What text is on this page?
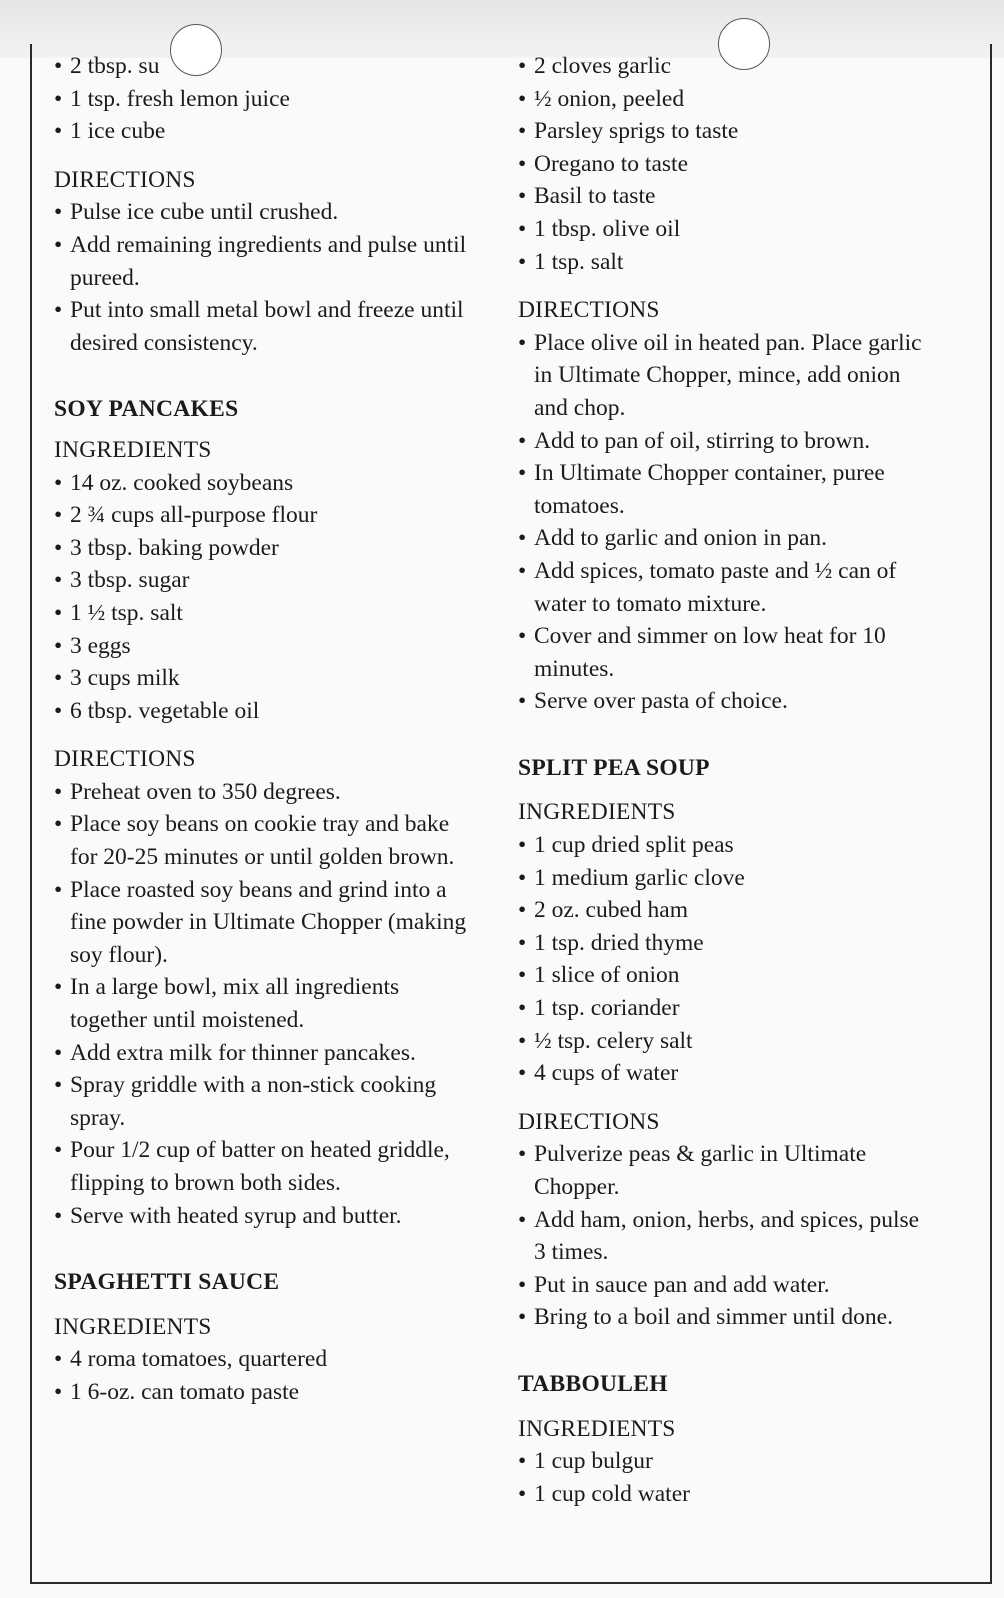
• 2 tbsp. su
• 1 tsp. fresh lemon juice
• 1 ice cube
DIRECTIONS
• Pulse ice cube until crushed.
• Add remaining ingredients and pulse until pureed.
• Put into small metal bowl and freeze until desired consistency.
SOY PANCAKES
INGREDIENTS
• 14 oz. cooked soybeans
• 2 ¾ cups all-purpose flour
• 3 tbsp. baking powder
• 3 tbsp. sugar
• 1 ½ tsp. salt
• 3 eggs
• 3 cups milk
• 6 tbsp. vegetable oil
DIRECTIONS
• Preheat oven to 350 degrees.
• Place soy beans on cookie tray and bake for 20-25 minutes or until golden brown.
• Place roasted soy beans and grind into a fine powder in Ultimate Chopper (making soy flour).
• In a large bowl, mix all ingredients together until moistened.
• Add extra milk for thinner pancakes.
• Spray griddle with a non-stick cooking spray.
• Pour 1/2 cup of batter on heated griddle, flipping to brown both sides.
• Serve with heated syrup and butter.
SPAGHETTI SAUCE
INGREDIENTS
• 4 roma tomatoes, quartered
• 1 6-oz. can tomato paste
• 2 cloves garlic
• ½ onion, peeled
• Parsley sprigs to taste
• Oregano to taste
• Basil to taste
• 1 tbsp. olive oil
• 1 tsp. salt
DIRECTIONS
• Place olive oil in heated pan. Place garlic in Ultimate Chopper, mince, add onion and chop.
• Add to pan of oil, stirring to brown.
• In Ultimate Chopper container, puree tomatoes.
• Add to garlic and onion in pan.
• Add spices, tomato paste and ½ can of water to tomato mixture.
• Cover and simmer on low heat for 10 minutes.
• Serve over pasta of choice.
SPLIT PEA SOUP
INGREDIENTS
• 1 cup dried split peas
• 1 medium garlic clove
• 2 oz. cubed ham
• 1 tsp. dried thyme
• 1 slice of onion
• 1 tsp. coriander
• ½ tsp. celery salt
• 4 cups of water
DIRECTIONS
• Pulverize peas & garlic in Ultimate Chopper.
• Add ham, onion, herbs, and spices, pulse 3 times.
• Put in sauce pan and add water.
• Bring to a boil and simmer until done.
TABBOULEH
INGREDIENTS
• 1 cup bulgur
• 1 cup cold water
